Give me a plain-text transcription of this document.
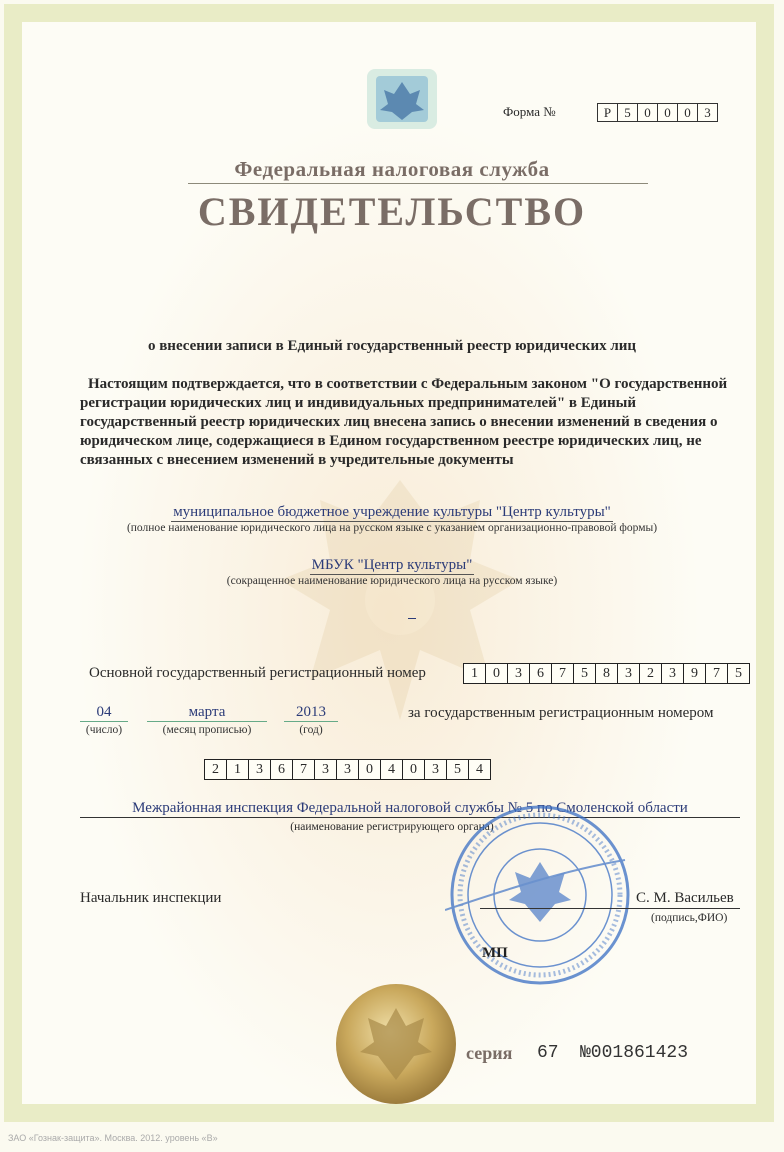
Форма №	Р	5	0	0	0	3
Федеральная налоговая служба
СВИДЕТЕЛЬСТВО
о внесении записи в Единый государственный реестр юридических лиц
Настоящим подтверждается, что в соответствии с Федеральным законом "О государственной регистрации юридических лиц и индивидуальных предпринимателей" в Единый государственный реестр юридических лиц внесена запись о внесении изменений в сведения о юридическом лице, содержащиеся в Едином государственном реестре юридических лиц, не связанных с внесением изменений в учредительные документы
муниципальное бюджетное учреждение культуры "Центр культуры"
(полное наименование юридического лица на русском языке с указанием организационно-правовой формы)
МБУК "Центр культуры"
(сокращенное наименование юридического лица на русском языке)
Основной государственный регистрационный номер	1	0	3	6	7	5	8	3	2	3	9	7	5
04
(число)
марта
(месяц прописью)
2013
(год)
за государственным регистрационным номером
2	1	3	6	7	3	3	0	4	0	3	5	4
Межрайонная инспекция Федеральной налоговой службы № 5 по Смоленской области
(наименование регистрирующего органа)
Начальник инспекции	С. М. Васильев
(подпись,ФИО)
МП
серия 67 №001861423
ЗАО «Гознак-защита». Москва. 2012. уровень «В»
